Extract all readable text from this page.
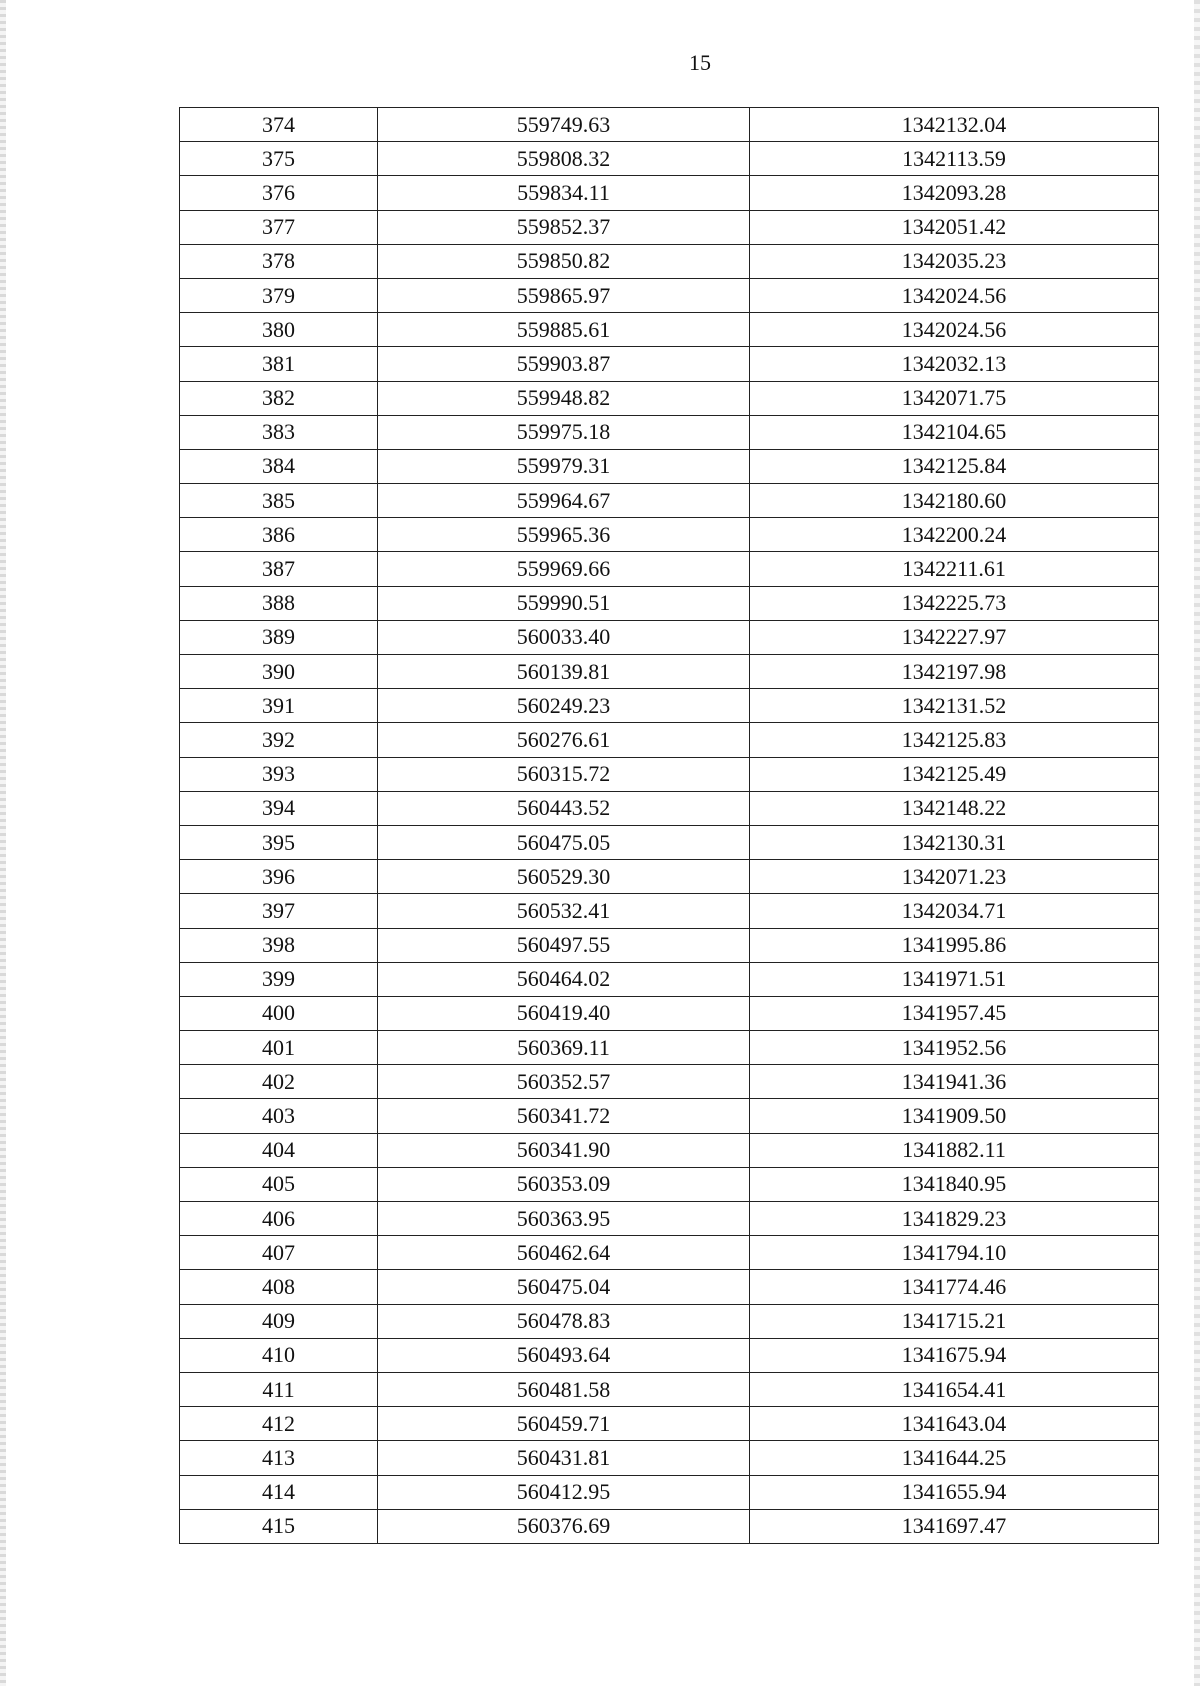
15
374	559749.63	1342132.04
375	559808.32	1342113.59
376	559834.11	1342093.28
377	559852.37	1342051.42
378	559850.82	1342035.23
379	559865.97	1342024.56
380	559885.61	1342024.56
381	559903.87	1342032.13
382	559948.82	1342071.75
383	559975.18	1342104.65
384	559979.31	1342125.84
385	559964.67	1342180.60
386	559965.36	1342200.24
387	559969.66	1342211.61
388	559990.51	1342225.73
389	560033.40	1342227.97
390	560139.81	1342197.98
391	560249.23	1342131.52
392	560276.61	1342125.83
393	560315.72	1342125.49
394	560443.52	1342148.22
395	560475.05	1342130.31
396	560529.30	1342071.23
397	560532.41	1342034.71
398	560497.55	1341995.86
399	560464.02	1341971.51
400	560419.40	1341957.45
401	560369.11	1341952.56
402	560352.57	1341941.36
403	560341.72	1341909.50
404	560341.90	1341882.11
405	560353.09	1341840.95
406	560363.95	1341829.23
407	560462.64	1341794.10
408	560475.04	1341774.46
409	560478.83	1341715.21
410	560493.64	1341675.94
411	560481.58	1341654.41
412	560459.71	1341643.04
413	560431.81	1341644.25
414	560412.95	1341655.94
415	560376.69	1341697.47
